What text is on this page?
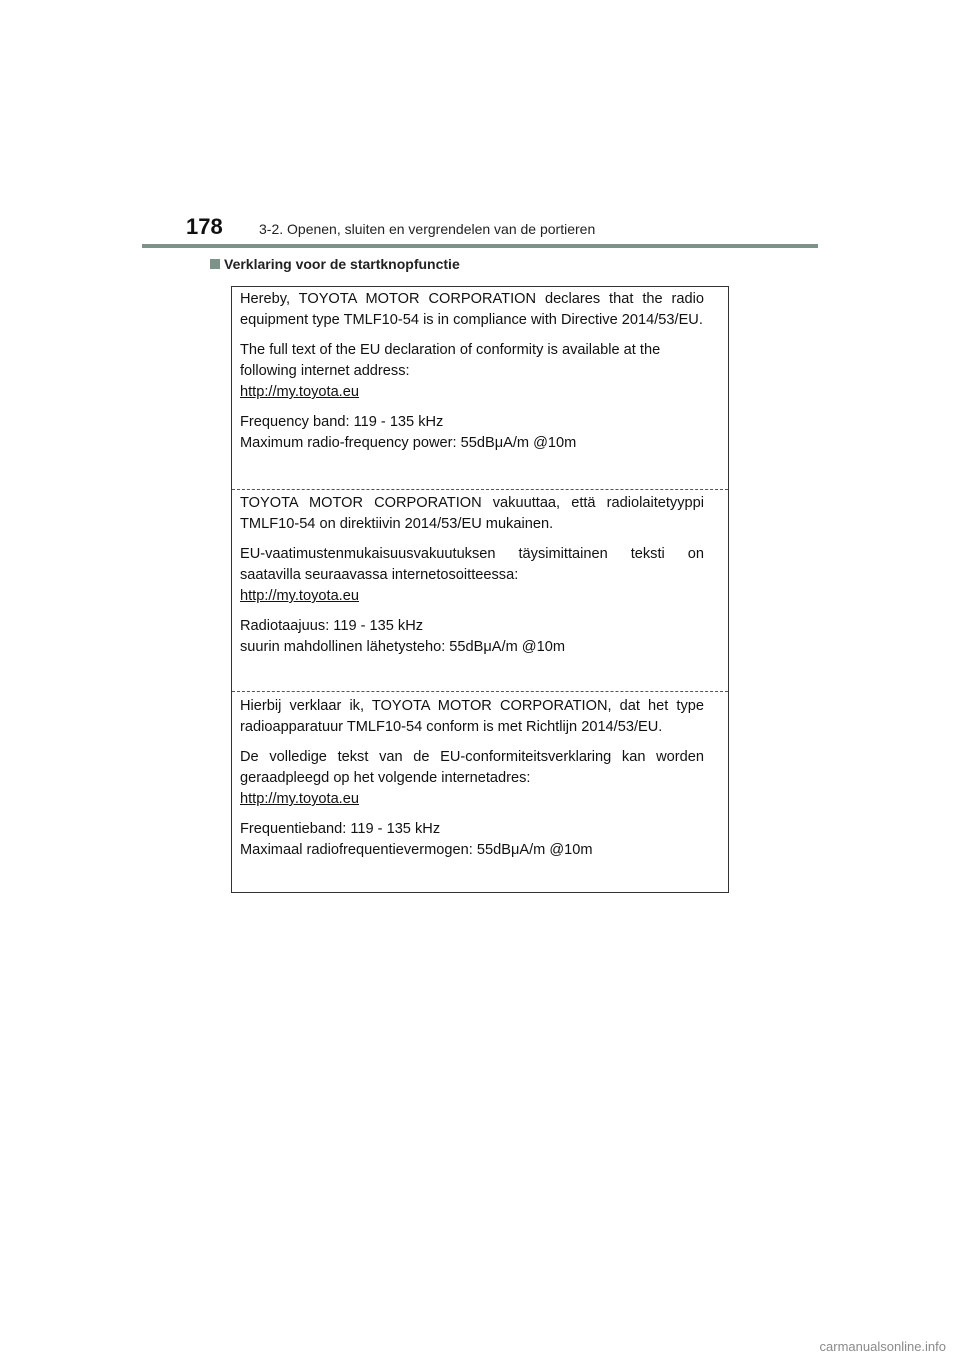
178	3-2. Openen, sluiten en vergrendelen van de portieren
Verklaring voor de startknopfunctie
Hereby, TOYOTA MOTOR CORPORATION declares that the radio
equipment type TMLF10-54 is in compliance with Directive 2014/53/EU.
The full text of the EU declaration of conformity is available at the
following internet address:
http://my.toyota.eu
Frequency band: 119 - 135 kHz
Maximum radio-frequency power: 55dBμA/m @10m
TOYOTA MOTOR CORPORATION vakuuttaa, että radiolaitetyyppi
TMLF10-54 on direktiivin 2014/53/EU mukainen.
EU-vaatimustenmukaisuusvakuutuksen täysimittainen teksti on
saatavilla seuraavassa internetosoitteessa:
http://my.toyota.eu
Radiotaajuus: 119 - 135 kHz
suurin mahdollinen lähetysteho: 55dBμA/m @10m
Hierbij verklaar ik, TOYOTA MOTOR CORPORATION, dat het type
radioapparatuur TMLF10-54 conform is met Richtlijn 2014/53/EU.
De volledige tekst van de EU-conformiteitsverklaring kan worden
geraadpleegd op het volgende internetadres:
http://my.toyota.eu
Frequentieband: 119 - 135 kHz
Maximaal radiofrequentievermogen: 55dBμA/m @10m
carmanualsonline.info
